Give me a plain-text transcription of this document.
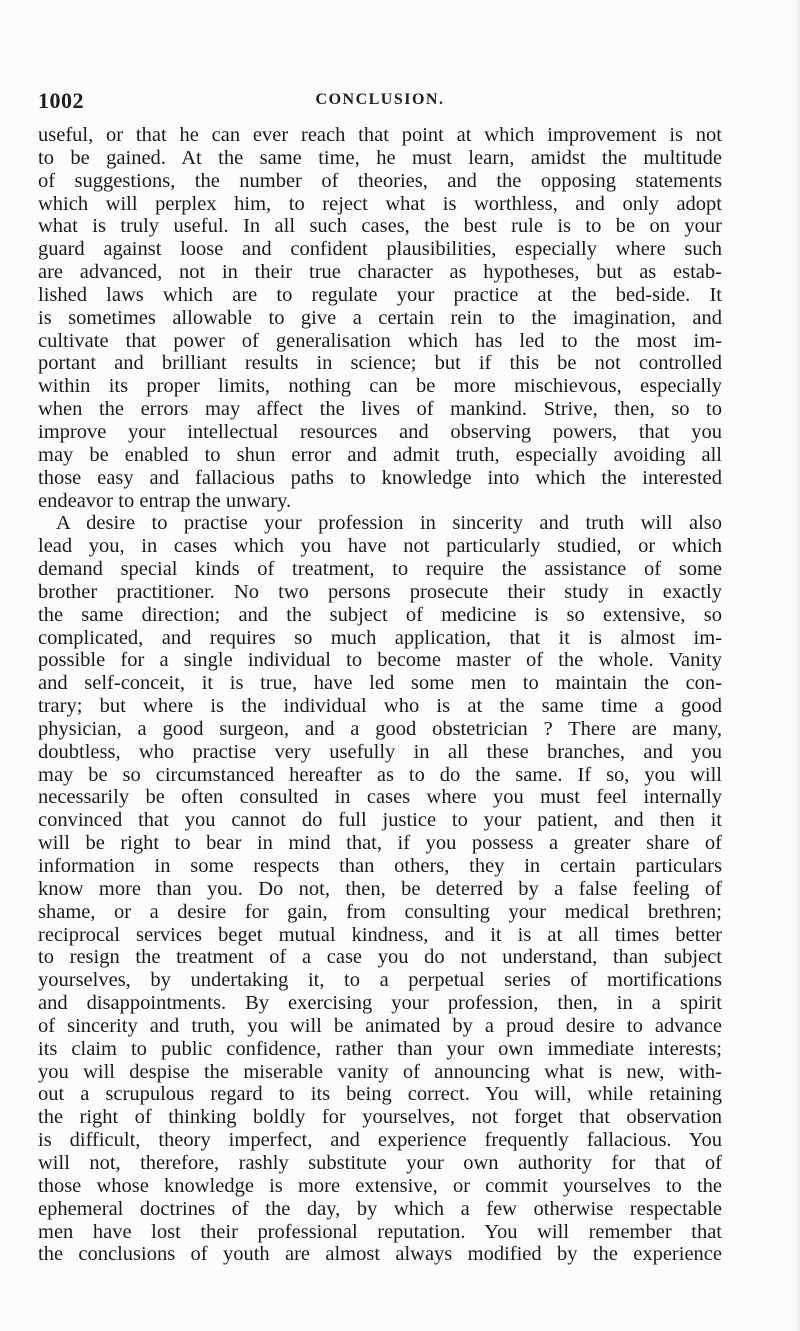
1002	CONCLUSION.
useful, or that he can ever reach that point at which improvement is not
to be gained. At the same time, he must learn, amidst the multitude
of suggestions, the number of theories, and the opposing statements
which will perplex him, to reject what is worthless, and only adopt
what is truly useful. In all such cases, the best rule is to be on your
guard against loose and confident plausibilities, especially where such
are advanced, not in their true character as hypotheses, but as estab-
lished laws which are to regulate your practice at the bed-side. It
is sometimes allowable to give a certain rein to the imagination, and
cultivate that power of generalisation which has led to the most im-
portant and brilliant results in science; but if this be not controlled
within its proper limits, nothing can be more mischievous, especially
when the errors may affect the lives of mankind. Strive, then, so to
improve your intellectual resources and observing powers, that you
may be enabled to shun error and admit truth, especially avoiding all
those easy and fallacious paths to knowledge into which the interested
endeavor to entrap the unwary.
A desire to practise your profession in sincerity and truth will also
lead you, in cases which you have not particularly studied, or which
demand special kinds of treatment, to require the assistance of some
brother practitioner. No two persons prosecute their study in exactly
the same direction; and the subject of medicine is so extensive, so
complicated, and requires so much application, that it is almost im-
possible for a single individual to become master of the whole. Vanity
and self-conceit, it is true, have led some men to maintain the con-
trary; but where is the individual who is at the same time a good
physician, a good surgeon, and a good obstetrician ? There are many,
doubtless, who practise very usefully in all these branches, and you
may be so circumstanced hereafter as to do the same. If so, you will
necessarily be often consulted in cases where you must feel internally
convinced that you cannot do full justice to your patient, and then it
will be right to bear in mind that, if you possess a greater share of
information in some respects than others, they in certain particulars
know more than you. Do not, then, be deterred by a false feeling of
shame, or a desire for gain, from consulting your medical brethren;
reciprocal services beget mutual kindness, and it is at all times better
to resign the treatment of a case you do not understand, than subject
yourselves, by undertaking it, to a perpetual series of mortifications
and disappointments. By exercising your profession, then, in a spirit
of sincerity and truth, you will be animated by a proud desire to advance
its claim to public confidence, rather than your own immediate interests;
you will despise the miserable vanity of announcing what is new, with-
out a scrupulous regard to its being correct. You will, while retaining
the right of thinking boldly for yourselves, not forget that observation
is difficult, theory imperfect, and experience frequently fallacious. You
will not, therefore, rashly substitute your own authority for that of
those whose knowledge is more extensive, or commit yourselves to the
ephemeral doctrines of the day, by which a few otherwise respectable
men have lost their professional reputation. You will remember that
the conclusions of youth are almost always modified by the experience
